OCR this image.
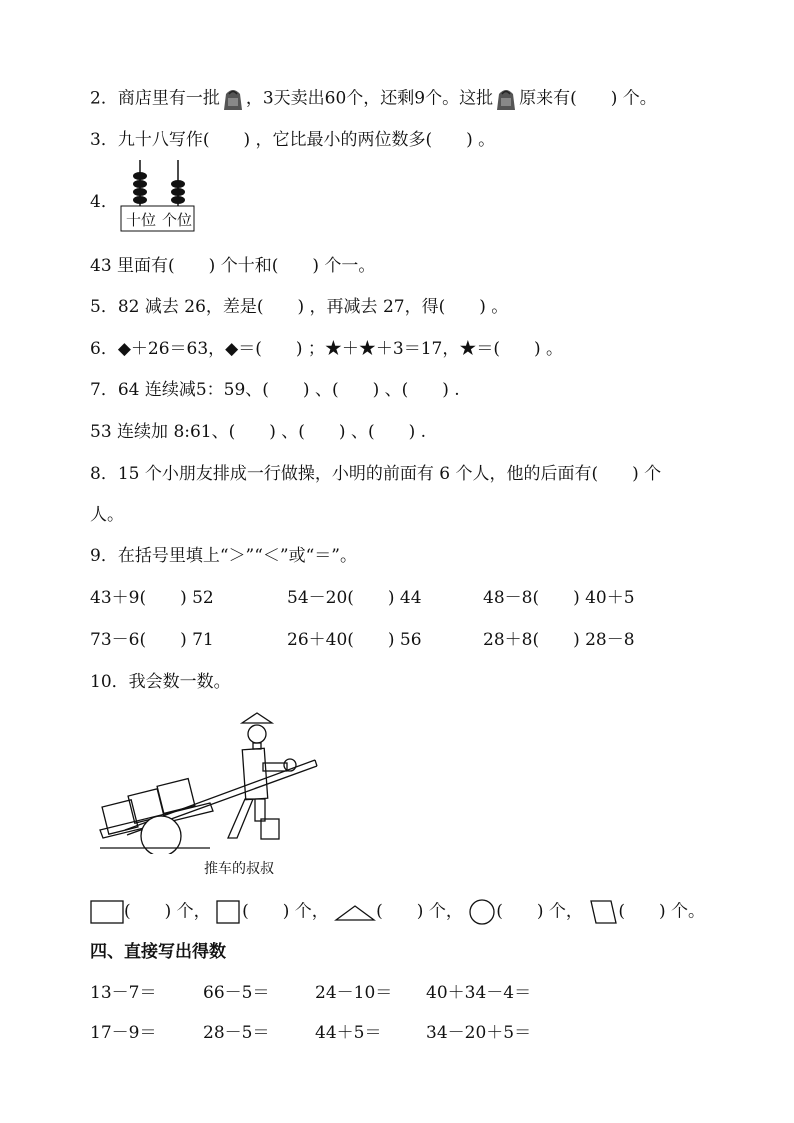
2．商店里有一批 ，3天卖出60个，还剩9个。这批 原来有(　　) 个。
3．九十八写作(　　) ，它比最小的两位数多(　　) 。
4．
十位 个位
43 里面有(　　) 个十和(　　) 个一。
5．82 减去 26，差是(　　) ，再减去 27，得(　　) 。
6．◆＋26＝63，◆＝(　　) ；★＋★＋3＝17，★＝(　　) 。
7．64 连续减5：59、(　　) 、(　　) 、(　　) .
53 连续加 8:61、(　　) 、(　　) 、(　　) .
8．15 个小朋友排成一行做操，小明的前面有 6 个人，他的后面有(　　) 个
人。
9．在括号里填上“＞”“＜”或“＝”。
43＋9(　　) 52	54－20(　　) 44	48－8(　　) 40＋5
73－6(　　) 71	26＋40(　　) 56	28＋8(　　) 28－8
10．我会数一数。
推车的叔叔
(　　) 个， (　　) 个，	(　　) 个， (　　) 个， (　　) 个。
四、直接写出得数
13－7＝	66－5＝	24－10＝ 40＋34－4＝
17－9＝	28－5＝	44＋5＝	34－20＋5＝
